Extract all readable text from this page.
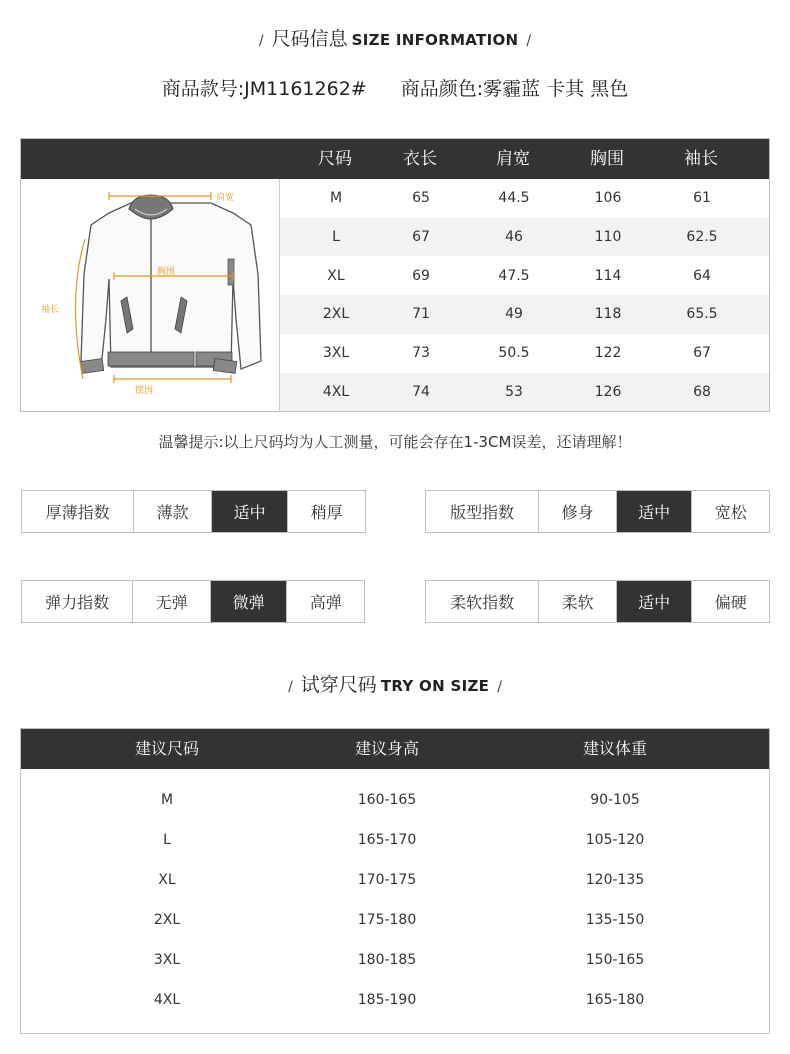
/ 尺码信息 SIZE INFORMATION /
商品款号:JM1161262# 商品颜色:雾霾蓝 卡其 黑色
尺码	衣长	肩宽	胸围	袖长
肩宽
胸围
袖长
摆围
M	65	44.5	106	61
L	67	46	110	62.5
XL	69	47.5	114	64
2XL	71	49	118	65.5
3XL	73	50.5	122	67
4XL	74	53	126	68
温馨提示:以上尺码均为人工测量，可能会存在1-3CM误差，还请理解！
厚薄指数	薄款	适中	稍厚	版型指数	修身	适中	宽松
弹力指数	无弹	微弹	高弹	柔软指数	柔软	适中	偏硬
/ 试穿尺码 TRY ON SIZE /
建议尺码	建议身高	建议体重
M	160-165	90-105
L	165-170	105-120
XL	170-175	120-135
2XL	175-180	135-150
3XL	180-185	150-165
4XL	185-190	165-180
